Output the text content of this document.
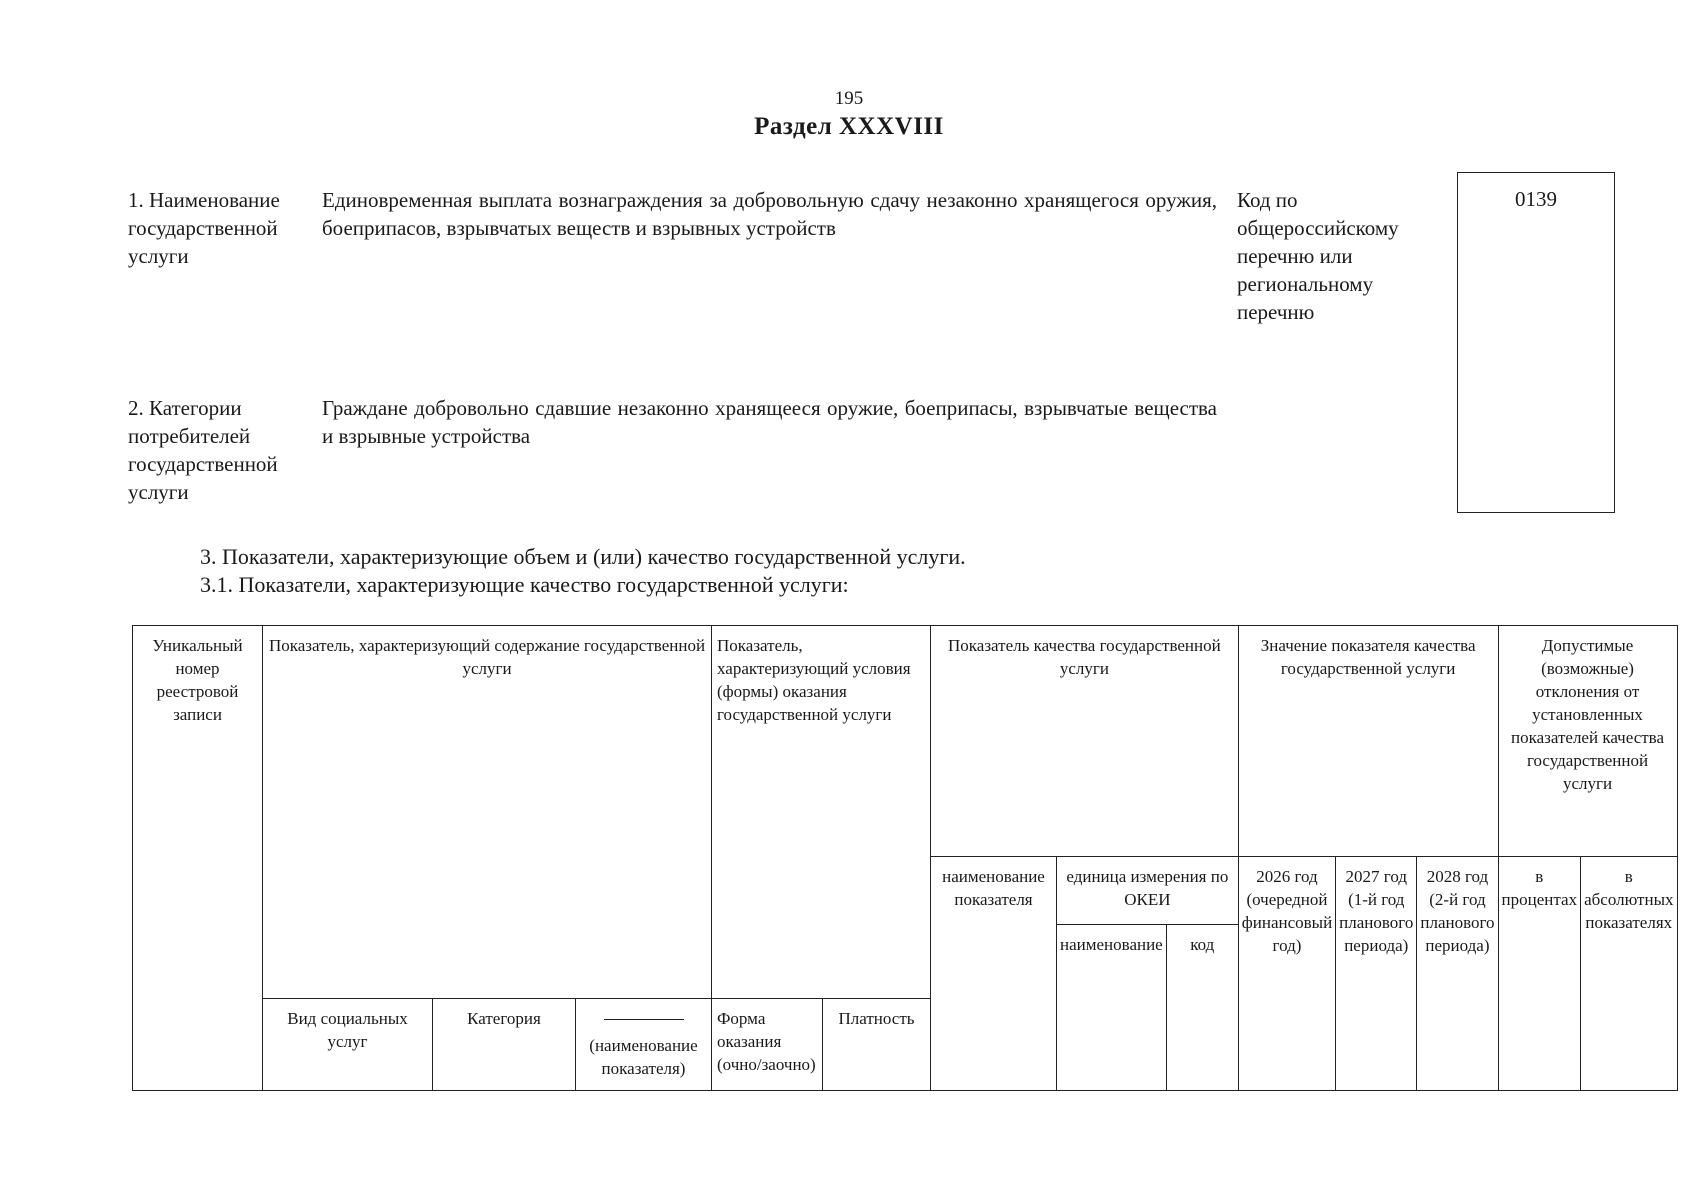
195
Раздел XXXVIII
1. Наименование государственной услуги
Единовременная выплата вознаграждения за добровольную сдачу незаконно хранящегося оружия, боеприпасов, взрывчатых веществ и взрывных устройств
Код по общероссийскому перечню или региональному перечню
0139
2. Категории потребителей государственной услуги
Граждане добровольно сдавшие незаконно хранящееся оружие, боеприпасы, взрывчатые вещества и взрывные устройства
3. Показатели, характеризующие объем и (или) качество государственной услуги.
3.1. Показатели, характеризующие качество государственной услуги:
Уникальный номер реестровой записи	Показатель, характеризующий содержание государственной услуги			Показатель, характеризующий условия (формы) оказания государственной услуги		Показатель качества государственной услуги			Значение показателя качества государственной услуги			Допустимые (возможные) отклонения от установленных показателей качества государственной услуги	
						наименование показателя	единица измерения по ОКЕИ		2026 год (очередной финансовый год)	2027 год (1-й год планового периода)	2028 год (2-й год планового периода)	в процентах	в абсолютных показателях
							наименование	код					
	Вид социальных услуг	Категория	(наименование показателя)	Форма оказания (очно/заочно)	Платность								
